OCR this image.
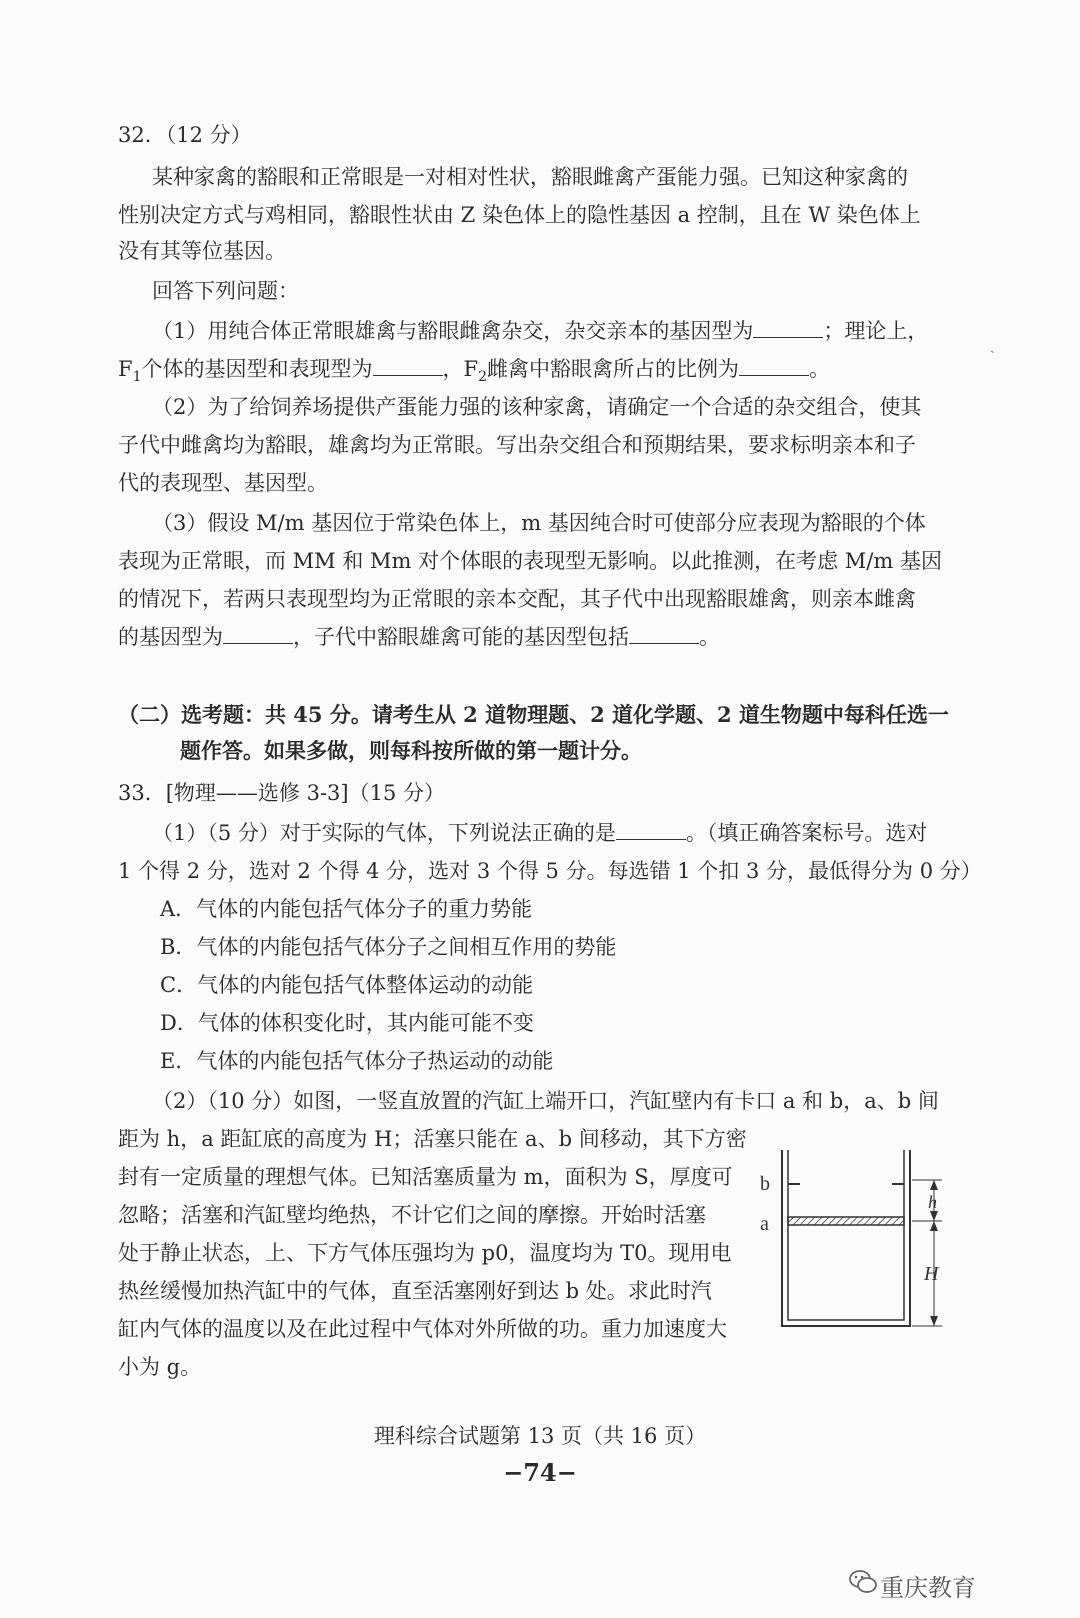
32．（12 分）
某种家禽的豁眼和正常眼是一对相对性状，豁眼雌禽产蛋能力强。已知这种家禽的
性别决定方式与鸡相同，豁眼性状由 Z 染色体上的隐性基因 a 控制，且在 W 染色体上
没有其等位基因。
回答下列问题：
（1）用纯合体正常眼雄禽与豁眼雌禽杂交，杂交亲本的基因型为	；理论上，
$F_1$个体的基因型和表现型为	，$F_2$雌禽中豁眼禽所占的比例为	。
（2）为了给饲养场提供产蛋能力强的该种家禽，请确定一个合适的杂交组合，使其
子代中雌禽均为豁眼，雄禽均为正常眼。写出杂交组合和预期结果，要求标明亲本和子
代的表现型、基因型。
（3）假设 M/m 基因位于常染色体上，m 基因纯合时可使部分应表现为豁眼的个体
表现为正常眼，而 MM 和 Mm 对个体眼的表现型无影响。以此推测，在考虑 M/m 基因
的情况下，若两只表现型均为正常眼的亲本交配，其子代中出现豁眼雄禽，则亲本雌禽
的基因型为	，子代中豁眼雄禽可能的基因型包括	。
ˎ
（二）选考题：共 45 分。请考生从 2 道物理题、2 道化学题、2 道生物题中每科任选一
题作答。如果多做，则每科按所做的第一题计分。
33．[物理——选修 3-3]（15 分）
（1）（5 分）对于实际的气体，下列说法正确的是	。（填正确答案标号。选对
1 个得 2 分，选对 2 个得 4 分，选对 3 个得 5 分。每选错 1 个扣 3 分，最低得分为 0 分）
A．气体的内能包括气体分子的重力势能
B．气体的内能包括气体分子之间相互作用的势能
C．气体的内能包括气体整体运动的动能
D．气体的体积变化时，其内能可能不变
E．气体的内能包括气体分子热运动的动能
（2）（10 分）如图，一竖直放置的汽缸上端开口，汽缸壁内有卡口 a 和 b，a、b 间
距为 h，a 距缸底的高度为 H；活塞只能在 a、b 间移动，其下方密
封有一定质量的理想气体。已知活塞质量为 m，面积为 S，厚度可
忽略；活塞和汽缸壁均绝热，不计它们之间的摩擦。开始时活塞
处于静止状态，上、下方气体压强均为 p0，温度均为 T0。现用电
热丝缓慢加热汽缸中的气体，直至活塞刚好到达 b 处。求此时汽
缸内气体的温度以及在此过程中气体对外所做的功。重力加速度大
小为 g。
b
a
h
H
理科综合试题第 13 页（共 16 页）
−74−
重庆教育
